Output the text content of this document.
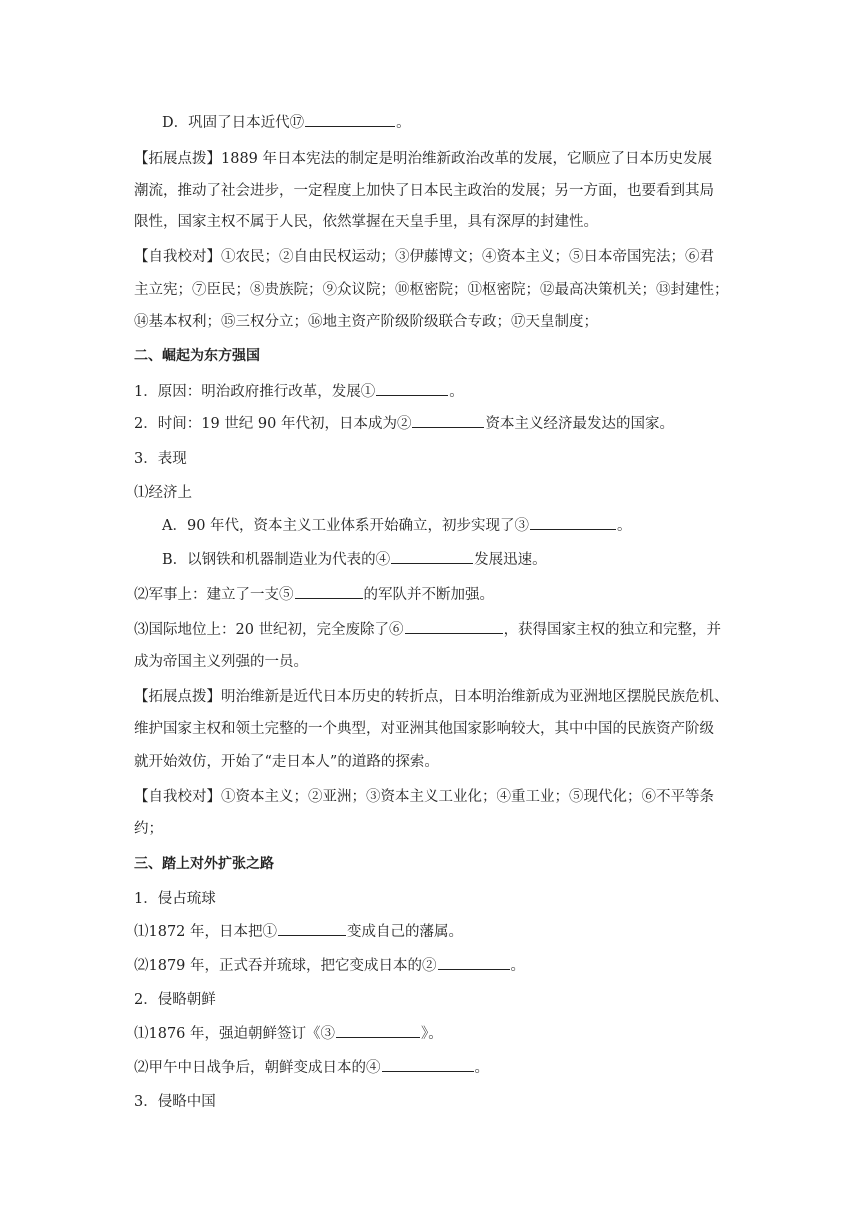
D．巩固了日本近代⑰	。
【拓展点拨】1889 年日本宪法的制定是明治维新政治改革的发展，它顺应了日本历史发展
潮流，推动了社会进步，一定程度上加快了日本民主政治的发展；另一方面，也要看到其局
限性，国家主权不属于人民，依然掌握在天皇手里，具有深厚的封建性。
【自我校对】①农民；②自由民权运动；③伊藤博文；④资本主义；⑤日本帝国宪法；⑥君
主立宪；⑦臣民；⑧贵族院；⑨众议院；⑩枢密院；⑪枢密院；⑫最高决策机关；⑬封建性；
⑭基本权利；⑮三权分立；⑯地主资产阶级阶级联合专政；⑰天皇制度；
二、崛起为东方强国
1．原因：明治政府推行改革，发展①	。
2．时间：19 世纪 90 年代初，日本成为②	资本主义经济最发达的国家。
3．表现
⑴经济上
A．90 年代，资本主义工业体系开始确立，初步实现了③	。
B．以钢铁和机器制造业为代表的④	发展迅速。
⑵军事上：建立了一支⑤	的军队并不断加强。
⑶国际地位上：20 世纪初，完全废除了⑥	，获得国家主权的独立和完整，并
成为帝国主义列强的一员。
【拓展点拨】明治维新是近代日本历史的转折点，日本明治维新成为亚洲地区摆脱民族危机、
维护国家主权和领土完整的一个典型，对亚洲其他国家影响较大，其中中国的民族资产阶级
就开始效仿，开始了“走日本人”的道路的探索。
【自我校对】①资本主义；②亚洲；③资本主义工业化；④重工业；⑤现代化；⑥不平等条
约；
三、踏上对外扩张之路
1．侵占琉球
⑴1872 年，日本把①	变成自己的藩属。
⑵1879 年，正式吞并琉球，把它变成日本的②	。
2．侵略朝鲜
⑴1876 年，强迫朝鲜签订《③	》。
⑵甲午中日战争后，朝鲜变成日本的④	。
3．侵略中国
